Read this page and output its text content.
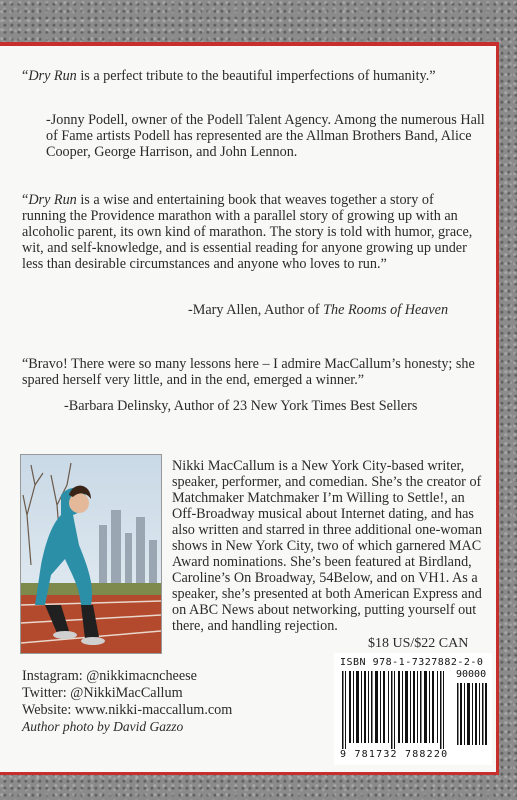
“Dry Run is a perfect tribute to the beautiful imperfections of humanity.”

-Jonny Podell, owner of the Podell Talent Agency. Among the numerous Hall of Fame artists Podell has represented are the Allman Brothers Band, Alice Cooper, George Harrison, and John Lennon.

“Dry Run is a wise and entertaining book that weaves together a story of running the Providence marathon with a parallel story of growing up with an alcoholic parent, its own kind of marathon. The story is told with humor, grace, wit, and self-knowledge, and is essential reading for anyone growing up under less than desirable circumstances and anyone who loves to run.”

-Mary Allen, Author of The Rooms of Heaven

“Bravo! There were so many lessons here – I admire MacCallum’s honesty; she spared herself very little, and in the end, emerged a winner.”

-Barbara Delinsky, Author of 23 New York Times Best Sellers

Nikki MacCallum is a New York City-based writer, speaker, performer, and comedian. She’s the creator of Matchmaker Matchmaker I’m Willing to Settle!, an Off-Broadway musical about Internet dating, and has also written and starred in three additional one-woman shows in New York City, two of which garnered MAC Award nominations. She’s been featured at Birdland, Caroline’s On Broadway, 54Below, and on VH1. As a speaker, she’s presented at both American Express and on ABC News about networking, putting yourself out there, and handling rejection.

$18 US/$22 CAN

Instagram: @nikkimacncheese

Twitter: @NikkiMacCallum

Website: www.nikki-maccallum.com

Author photo by David Gazzo

ISBN 978-1-7327882-2-0
90000
9 781732 788220
